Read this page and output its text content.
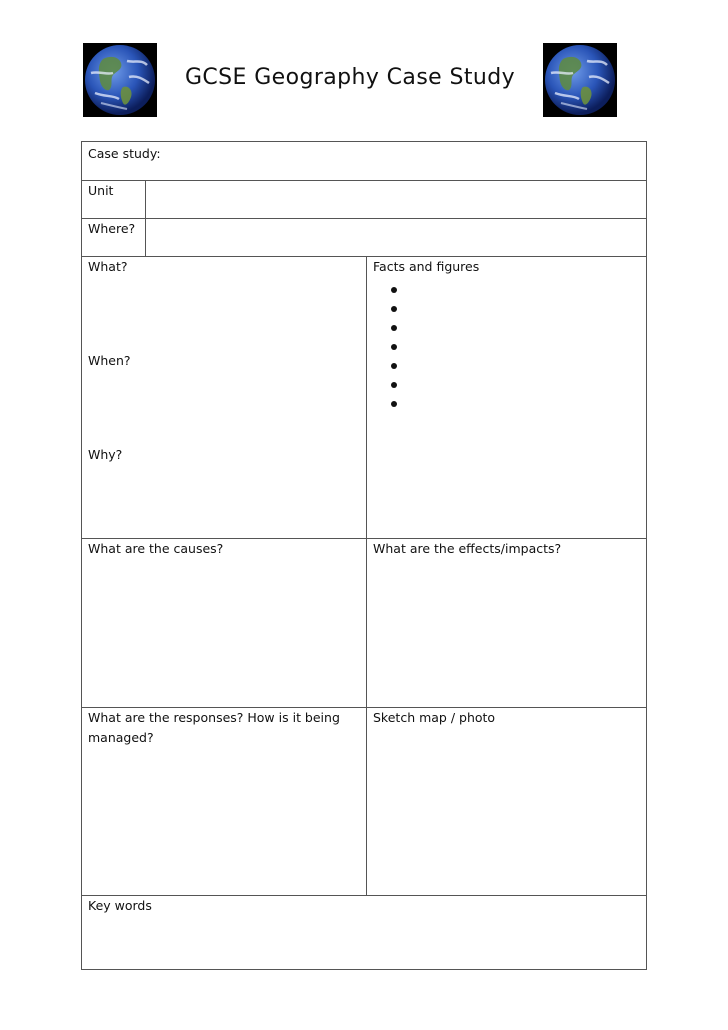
GCSE Geography Case Study
Case study:
Unit
Where?
What?
When?
Why?
Facts and figures
What are the causes?	What are the effects/impacts?
What are the responses? How is it being managed?
Sketch map / photo
Key words
